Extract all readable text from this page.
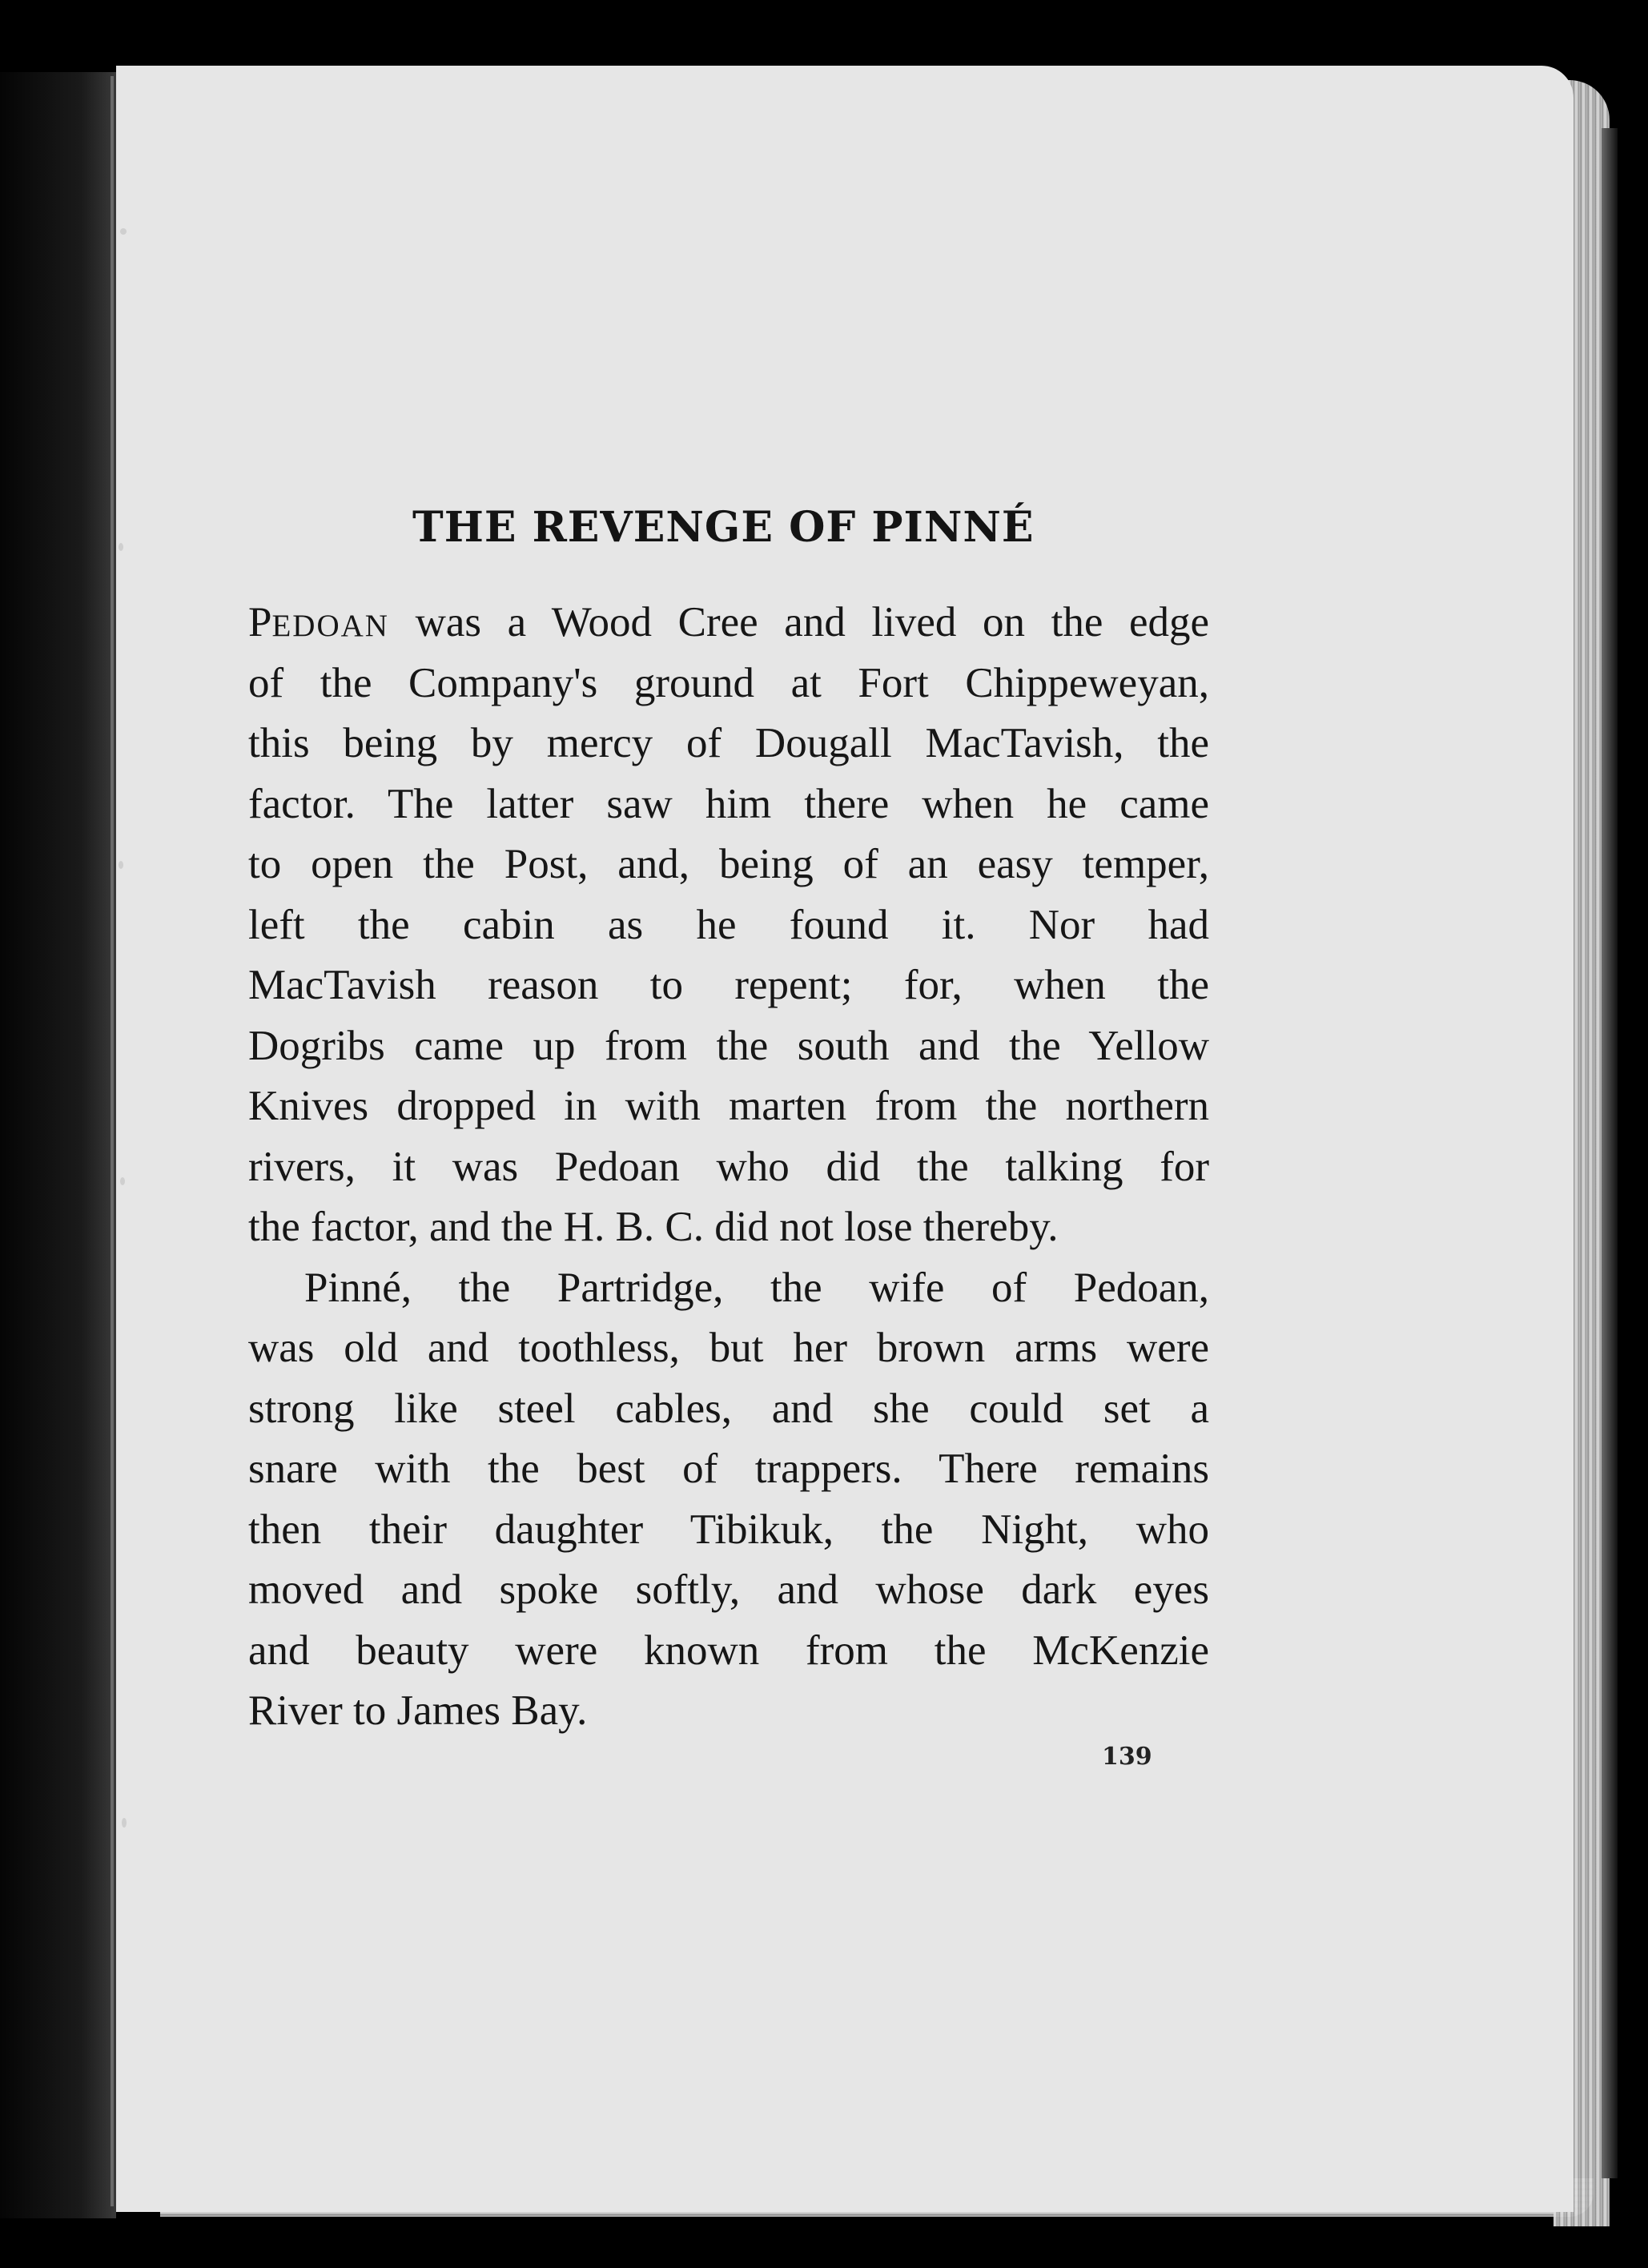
THE REVENGE OF PINNÉ
PEDOAN was a Wood Cree and lived on the edge
of the Company's ground at Fort Chippeweyan,
this being by mercy of Dougall MacTavish, the
factor. The latter saw him there when he came
to open the Post, and, being of an easy temper,
left the cabin as he found it. Nor had
MacTavish reason to repent; for, when the
Dogribs came up from the south and the Yellow
Knives dropped in with marten from the northern
rivers, it was Pedoan who did the talking for
the factor, and the H. B. C. did not lose thereby.
Pinné, the Partridge, the wife of Pedoan,
was old and toothless, but her brown arms were
strong like steel cables, and she could set a
snare with the best of trappers. There remains
then their daughter Tibikuk, the Night, who
moved and spoke softly, and whose dark eyes
and beauty were known from the McKenzie
River to James Bay.

139
